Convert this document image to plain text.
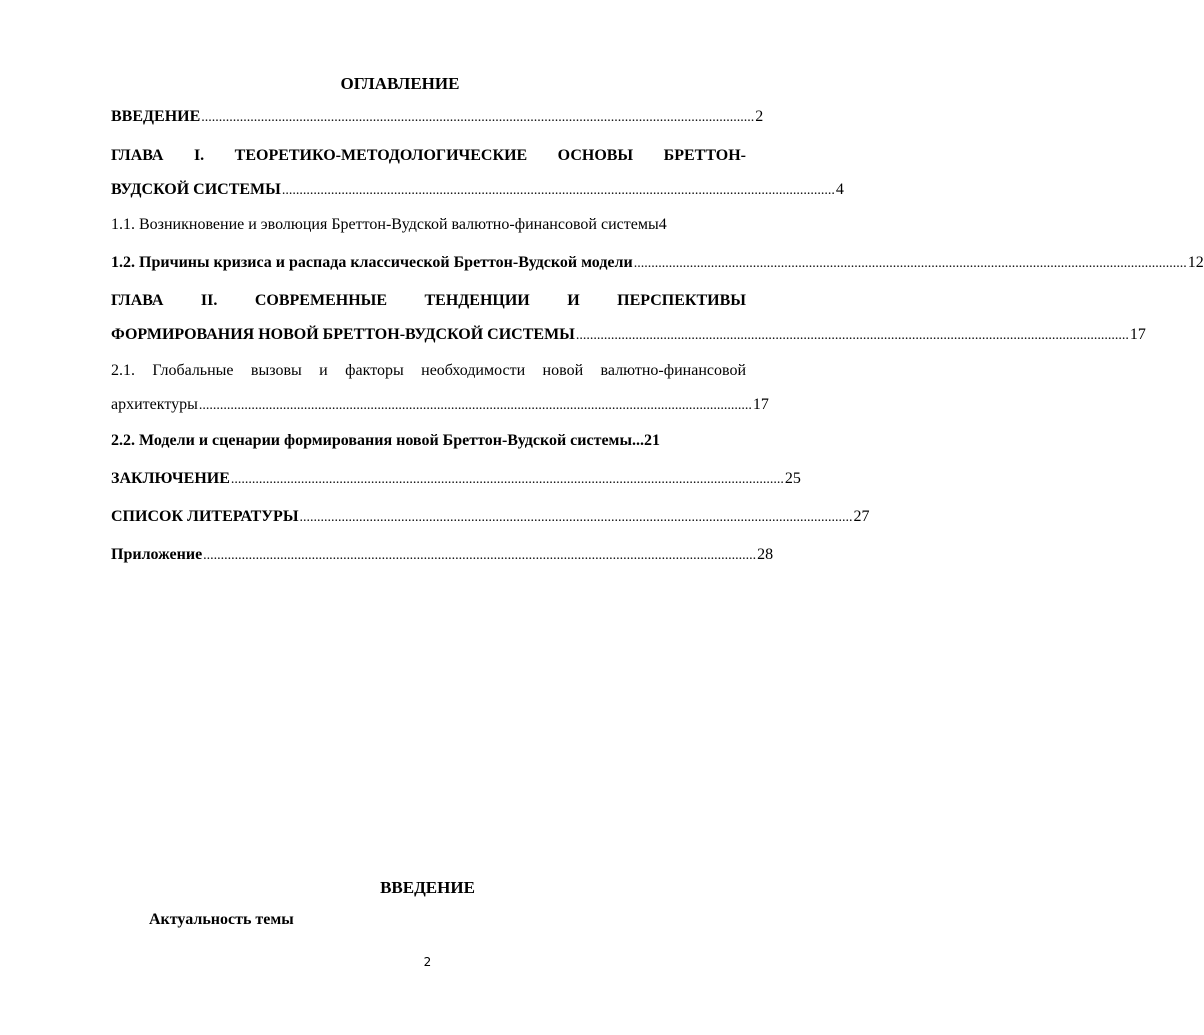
ОГЛАВЛЕНИЕ
ВВЕДЕНИЕ .............................................................................................................................................................. 2
ГЛАВА I. ТЕОРЕТИКО-МЕТОДОЛОГИЧЕСКИЕ ОСНОВЫ БРЕТТОН-
ВУДСКОЙ СИСТЕМЫ .............................................................................................................................................................. 4
1.1. Возникновение и эволюция Бреттон-Вудской валютно-финансовой системы 4
1.2. Причины кризиса и распада классической Бреттон-Вудской модели .............................................................................................................................................................. 12
ГЛАВА II. СОВРЕМЕННЫЕ ТЕНДЕНЦИИ И ПЕРСПЕКТИВЫ
ФОРМИРОВАНИЯ НОВОЙ БРЕТТОН-ВУДСКОЙ СИСТЕМЫ .............................................................................................................................................................. 17
2.1. Глобальные вызовы и факторы необходимости новой валютно-финансовой
архитектуры .............................................................................................................................................................. 17
2.2. Модели и сценарии формирования новой Бреттон-Вудской системы... 21
ЗАКЛЮЧЕНИЕ .............................................................................................................................................................. 25
СПИСОК ЛИТЕРАТУРЫ .............................................................................................................................................................. 27
Приложение .............................................................................................................................................................. 28
ВВЕДЕНИЕ
Актуальность темы
2
